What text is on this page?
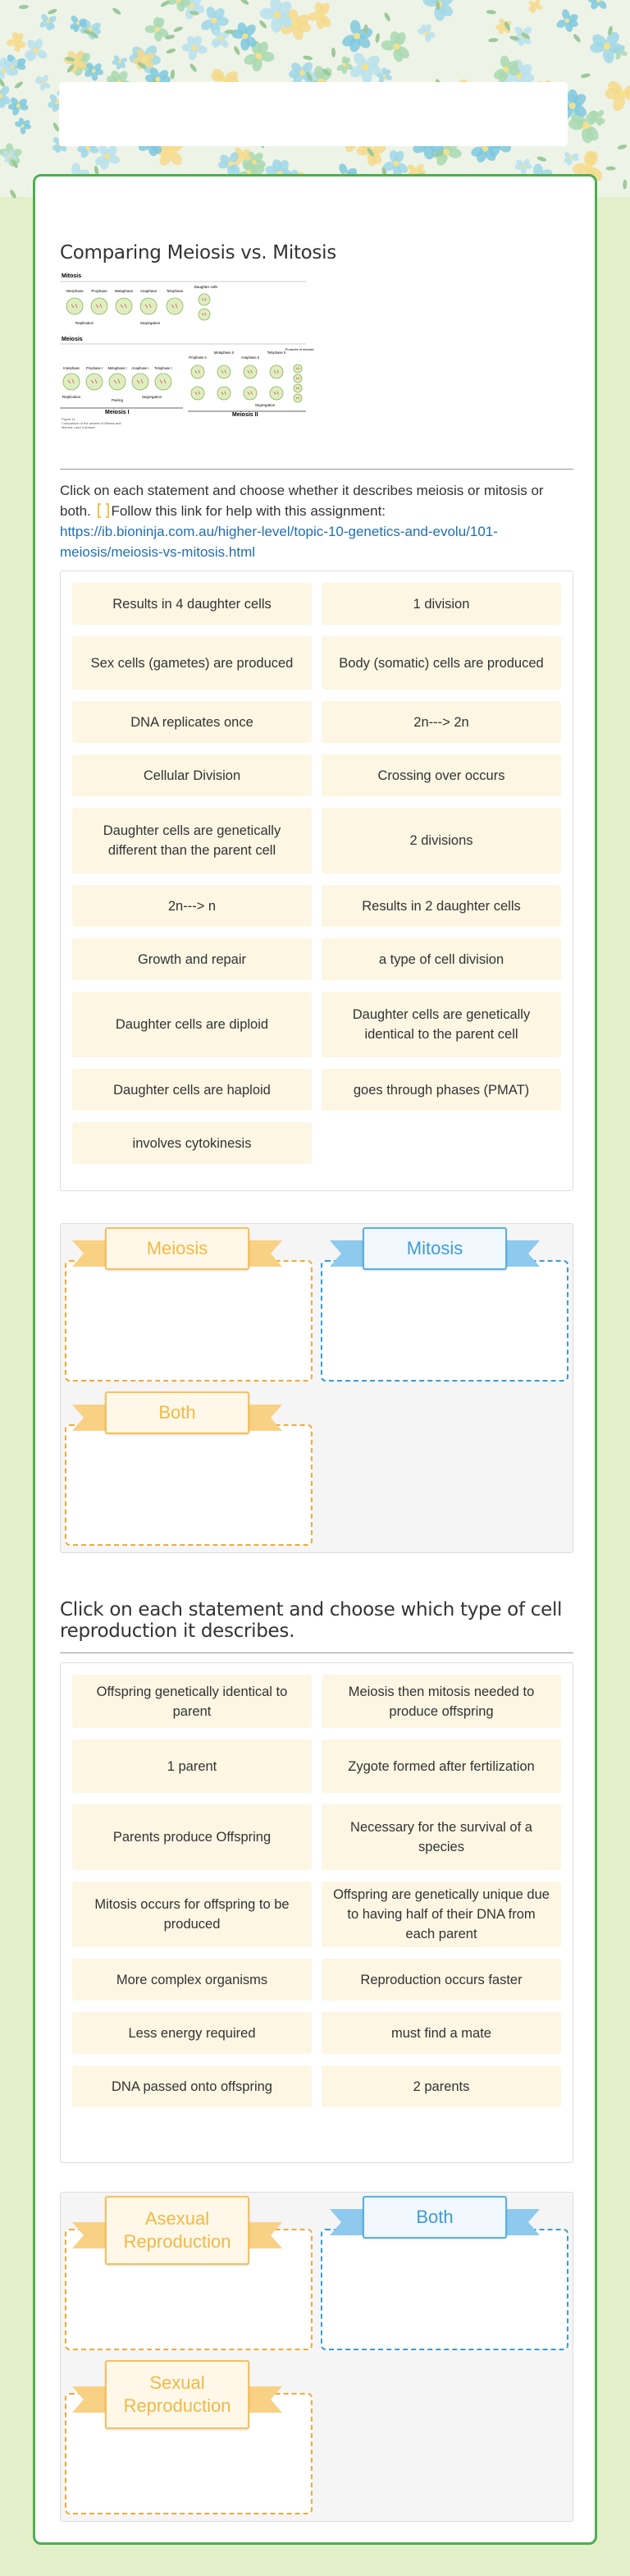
Comparing Meiosis vs. Mitosis
Mitosis
Interphase Prophase Metaphase Anaphase	Telophase
Daughter cells
Replication	Segregation
Meiosis
Interphase Prophase I Metaphase I Anaphase I Telophase I
Prophase II
Metaphase II
Anaphase II
Telophase II
Products of meiosis
Replication
Pairing
Segregation
Segregation
Meiosis I	Meiosis II
Figure 11
Comparison of the phases of Mitosis and
Meiosis I and II phases
Click on each statement and choose whether it describes meiosis or mitosis or both. Follow this link for help with this assignment:
https://ib.bioninja.com.au/higher-level/topic-10-genetics-and-evolu/101-meiosis/meiosis-vs-mitosis.html
Results in 4 daughter cells	1 division
Sex cells (gametes) are produced	Body (somatic) cells are produced
DNA replicates once	2n---> 2n
Cellular Division	Crossing over occurs
Daughter cells are genetically different than the parent cell
2 divisions
2n---> n	Results in 2 daughter cells
Growth and repair	a type of cell division
Daughter cells are diploid
Daughter cells are genetically identical to the parent cell
Daughter cells are haploid	goes through phases (PMAT)
involves cytokinesis
Meiosis	Mitosis
Both
Click on each statement and choose which type of cell reproduction it describes.
Offspring genetically identical to parent
Meiosis then mitosis needed to produce offspring
1 parent	Zygote formed after fertilization
Parents produce Offspring
Necessary for the survival of a species
Mitosis occurs for offspring to be produced
Offspring are genetically unique due to having half of their DNA from each parent
More complex organisms	Reproduction occurs faster
Less energy required	must find a mate
DNA passed onto offspring	2 parents
Asexual Reproduction
Both
Sexual Reproduction
